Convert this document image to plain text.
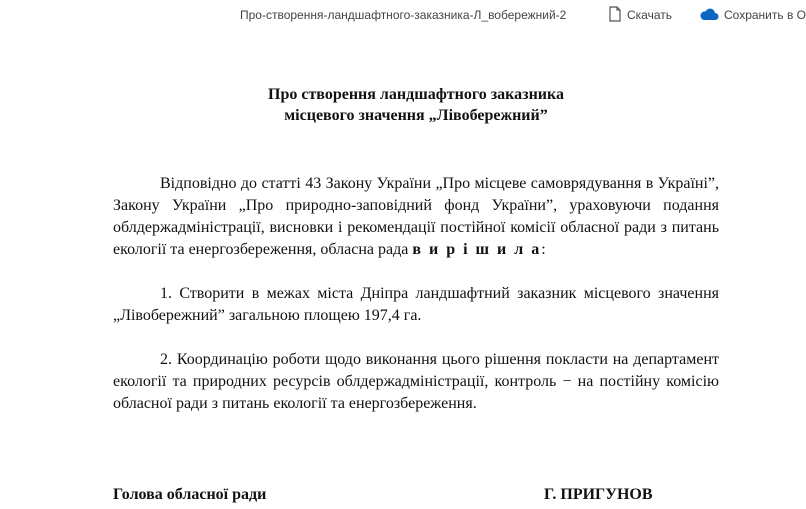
Про-створення-ландшафтного-заказника-Л_вобережний-2	Скачать	Сохранить в O
Про створення ландшафтного заказника
місцевого значення „Лівобережний”

Відповідно до статті 43 Закону України „Про місцеве самоврядування в Україні”, Закону України „Про природно-заповідний фонд України”, ураховуючи подання облдержадміністрації, висновки і рекомендації постійної комісії обласної ради з питань екології та енергозбереження, обласна рада в и р і ш и л а:

1. Створити в межах міста Дніпра ландшафтний заказник місцевого значення „Лівобережний” загальною площею 197,4 га.

2. Координацію роботи щодо виконання цього рішення покласти на департамент екології та природних ресурсів облдержадміністрації, контроль − на постійну комісію обласної ради з питань екології та енергозбереження.

Голова обласної ради	Г. ПРИГУНОВ
